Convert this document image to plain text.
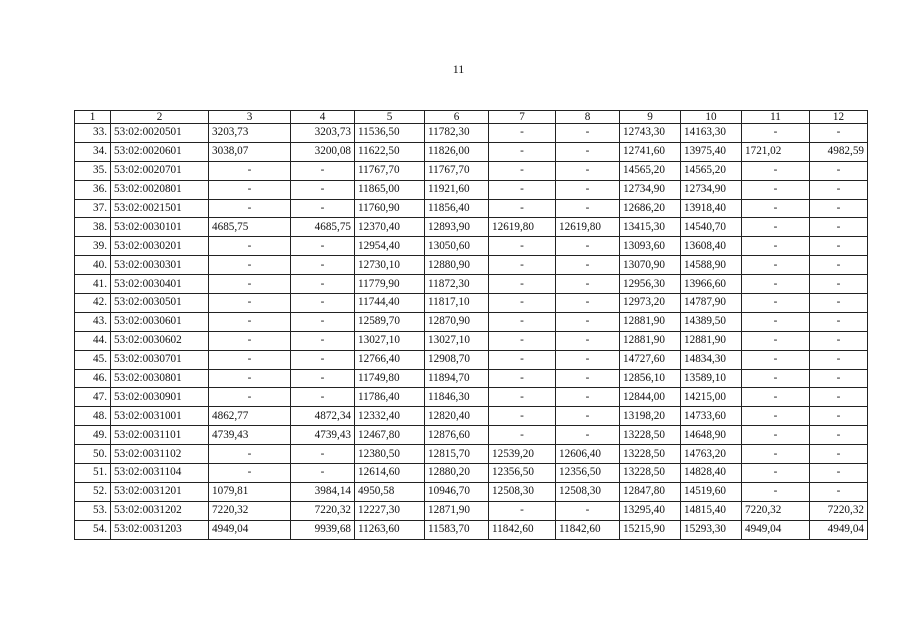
11
1	2	3	4	5	6	7	8	9	10	11	12
33.	53:02:0020501	3203,73	3203,73	11536,50	11782,30	-	-	12743,30	14163,30	-	-
34.	53:02:0020601	3038,07	3200,08	11622,50	11826,00	-	-	12741,60	13975,40	1721,02	4982,59
35.	53:02:0020701	-	-	11767,70	11767,70	-	-	14565,20	14565,20	-	-
36.	53:02:0020801	-	-	11865,00	11921,60	-	-	12734,90	12734,90	-	-
37.	53:02:0021501	-	-	11760,90	11856,40	-	-	12686,20	13918,40	-	-
38.	53:02:0030101	4685,75	4685,75	12370,40	12893,90	12619,80	12619,80	13415,30	14540,70	-	-
39.	53:02:0030201	-	-	12954,40	13050,60	-	-	13093,60	13608,40	-	-
40.	53:02:0030301	-	-	12730,10	12880,90	-	-	13070,90	14588,90	-	-
41.	53:02:0030401	-	-	11779,90	11872,30	-	-	12956,30	13966,60	-	-
42.	53:02:0030501	-	-	11744,40	11817,10	-	-	12973,20	14787,90	-	-
43.	53:02:0030601	-	-	12589,70	12870,90	-	-	12881,90	14389,50	-	-
44.	53:02:0030602	-	-	13027,10	13027,10	-	-	12881,90	12881,90	-	-
45.	53:02:0030701	-	-	12766,40	12908,70	-	-	14727,60	14834,30	-	-
46.	53:02:0030801	-	-	11749,80	11894,70	-	-	12856,10	13589,10	-	-
47.	53:02:0030901	-	-	11786,40	11846,30	-	-	12844,00	14215,00	-	-
48.	53:02:0031001	4862,77	4872,34	12332,40	12820,40	-	-	13198,20	14733,60	-	-
49.	53:02:0031101	4739,43	4739,43	12467,80	12876,60	-	-	13228,50	14648,90	-	-
50.	53:02:0031102	-	-	12380,50	12815,70	12539,20	12606,40	13228,50	14763,20	-	-
51.	53:02:0031104	-	-	12614,60	12880,20	12356,50	12356,50	13228,50	14828,40	-	-
52.	53:02:0031201	1079,81	3984,14	4950,58	10946,70	12508,30	12508,30	12847,80	14519,60	-	-
53.	53:02:0031202	7220,32	7220,32	12227,30	12871,90	-	-	13295,40	14815,40	7220,32	7220,32
54.	53:02:0031203	4949,04	9939,68	11263,60	11583,70	11842,60	11842,60	15215,90	15293,30	4949,04	4949,04
